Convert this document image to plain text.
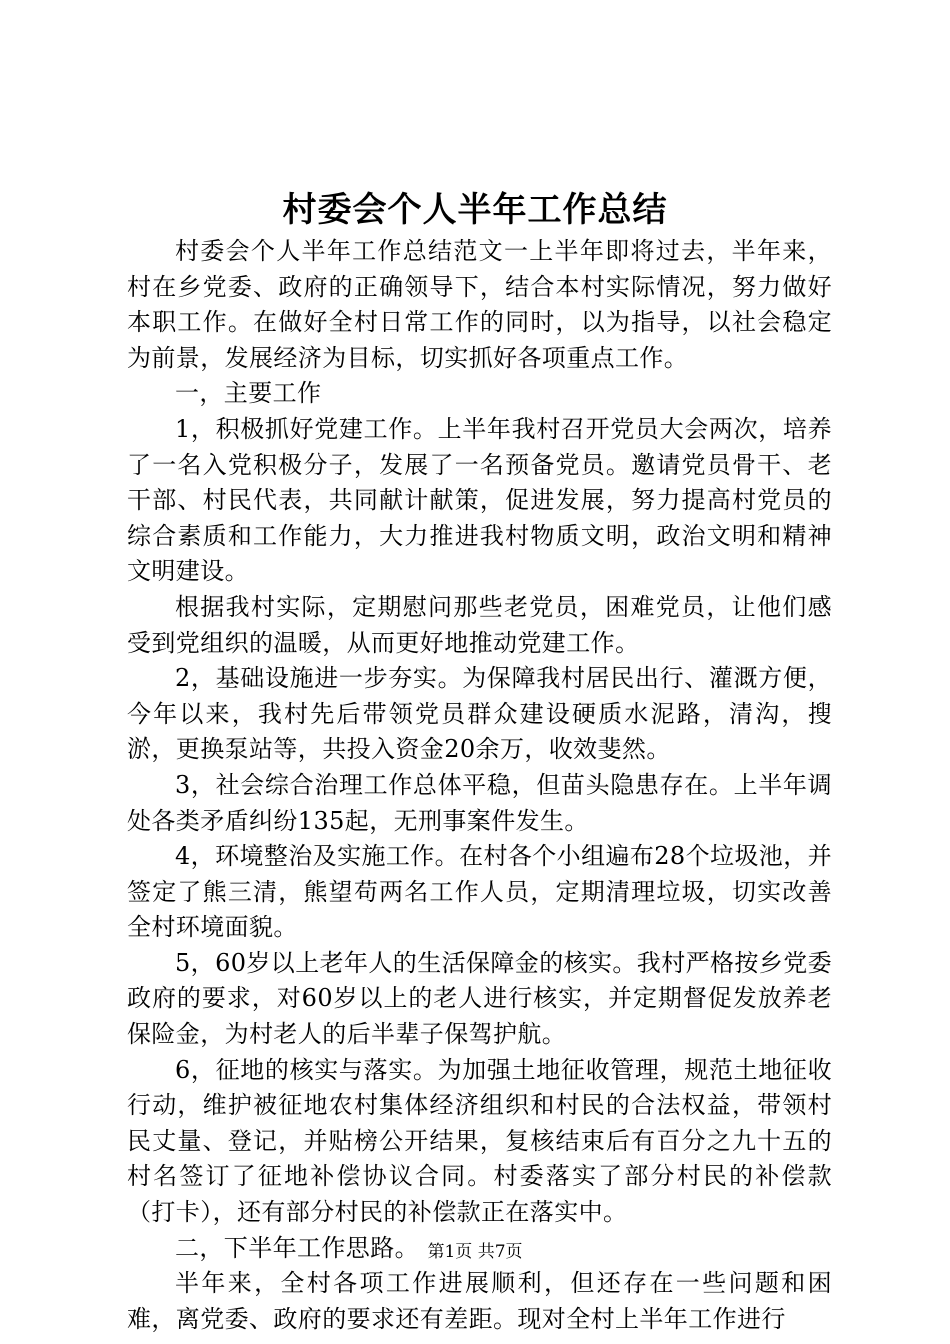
村委会个人半年工作总结

村委会个人半年工作总结范文一上半年即将过去，半年来，村在乡党委、政府的正确领导下，结合本村实际情况，努力做好本职工作。在做好全村日常工作的同时，以为指导，以社会稳定为前景，发展经济为目标，切实抓好各项重点工作。

一，主要工作

1，积极抓好党建工作。上半年我村召开党员大会两次，培养了一名入党积极分子，发展了一名预备党员。邀请党员骨干、老干部、村民代表，共同献计献策，促进发展，努力提高村党员的综合素质和工作能力，大力推进我村物质文明，政治文明和精神文明建设。

根据我村实际，定期慰问那些老党员，困难党员，让他们感受到党组织的温暖，从而更好地推动党建工作。

2，基础设施进一步夯实。为保障我村居民出行、灌溉方便，今年以来，我村先后带领党员群众建设硬质水泥路，清沟，搜淤，更换泵站等，共投入资金20余万，收效斐然。

3，社会综合治理工作总体平稳，但苗头隐患存在。上半年调处各类矛盾纠纷135起，无刑事案件发生。

4，环境整治及实施工作。在村各个小组遍布28个垃圾池，并签定了熊三清，熊望苟两名工作人员，定期清理垃圾，切实改善全村环境面貌。

5，60岁以上老年人的生活保障金的核实。我村严格按乡党委政府的要求，对60岁以上的老人进行核实，并定期督促发放养老保险金，为村老人的后半辈子保驾护航。

6，征地的核实与落实。为加强土地征收管理，规范土地征收行动，维护被征地农村集体经济组织和村民的合法权益，带领村民丈量、登记，并贴榜公开结果，复核结束后有百分之九十五的村名签订了征地补偿协议合同。村委落实了部分村民的补偿款（打卡），还有部分村民的补偿款正在落实中。

二，下半年工作思路。

半年来，全村各项工作进展顺利，但还存在一些问题和困难，离党委、政府的要求还有差距。现对全村上半年工作进行

第1页 共7页
